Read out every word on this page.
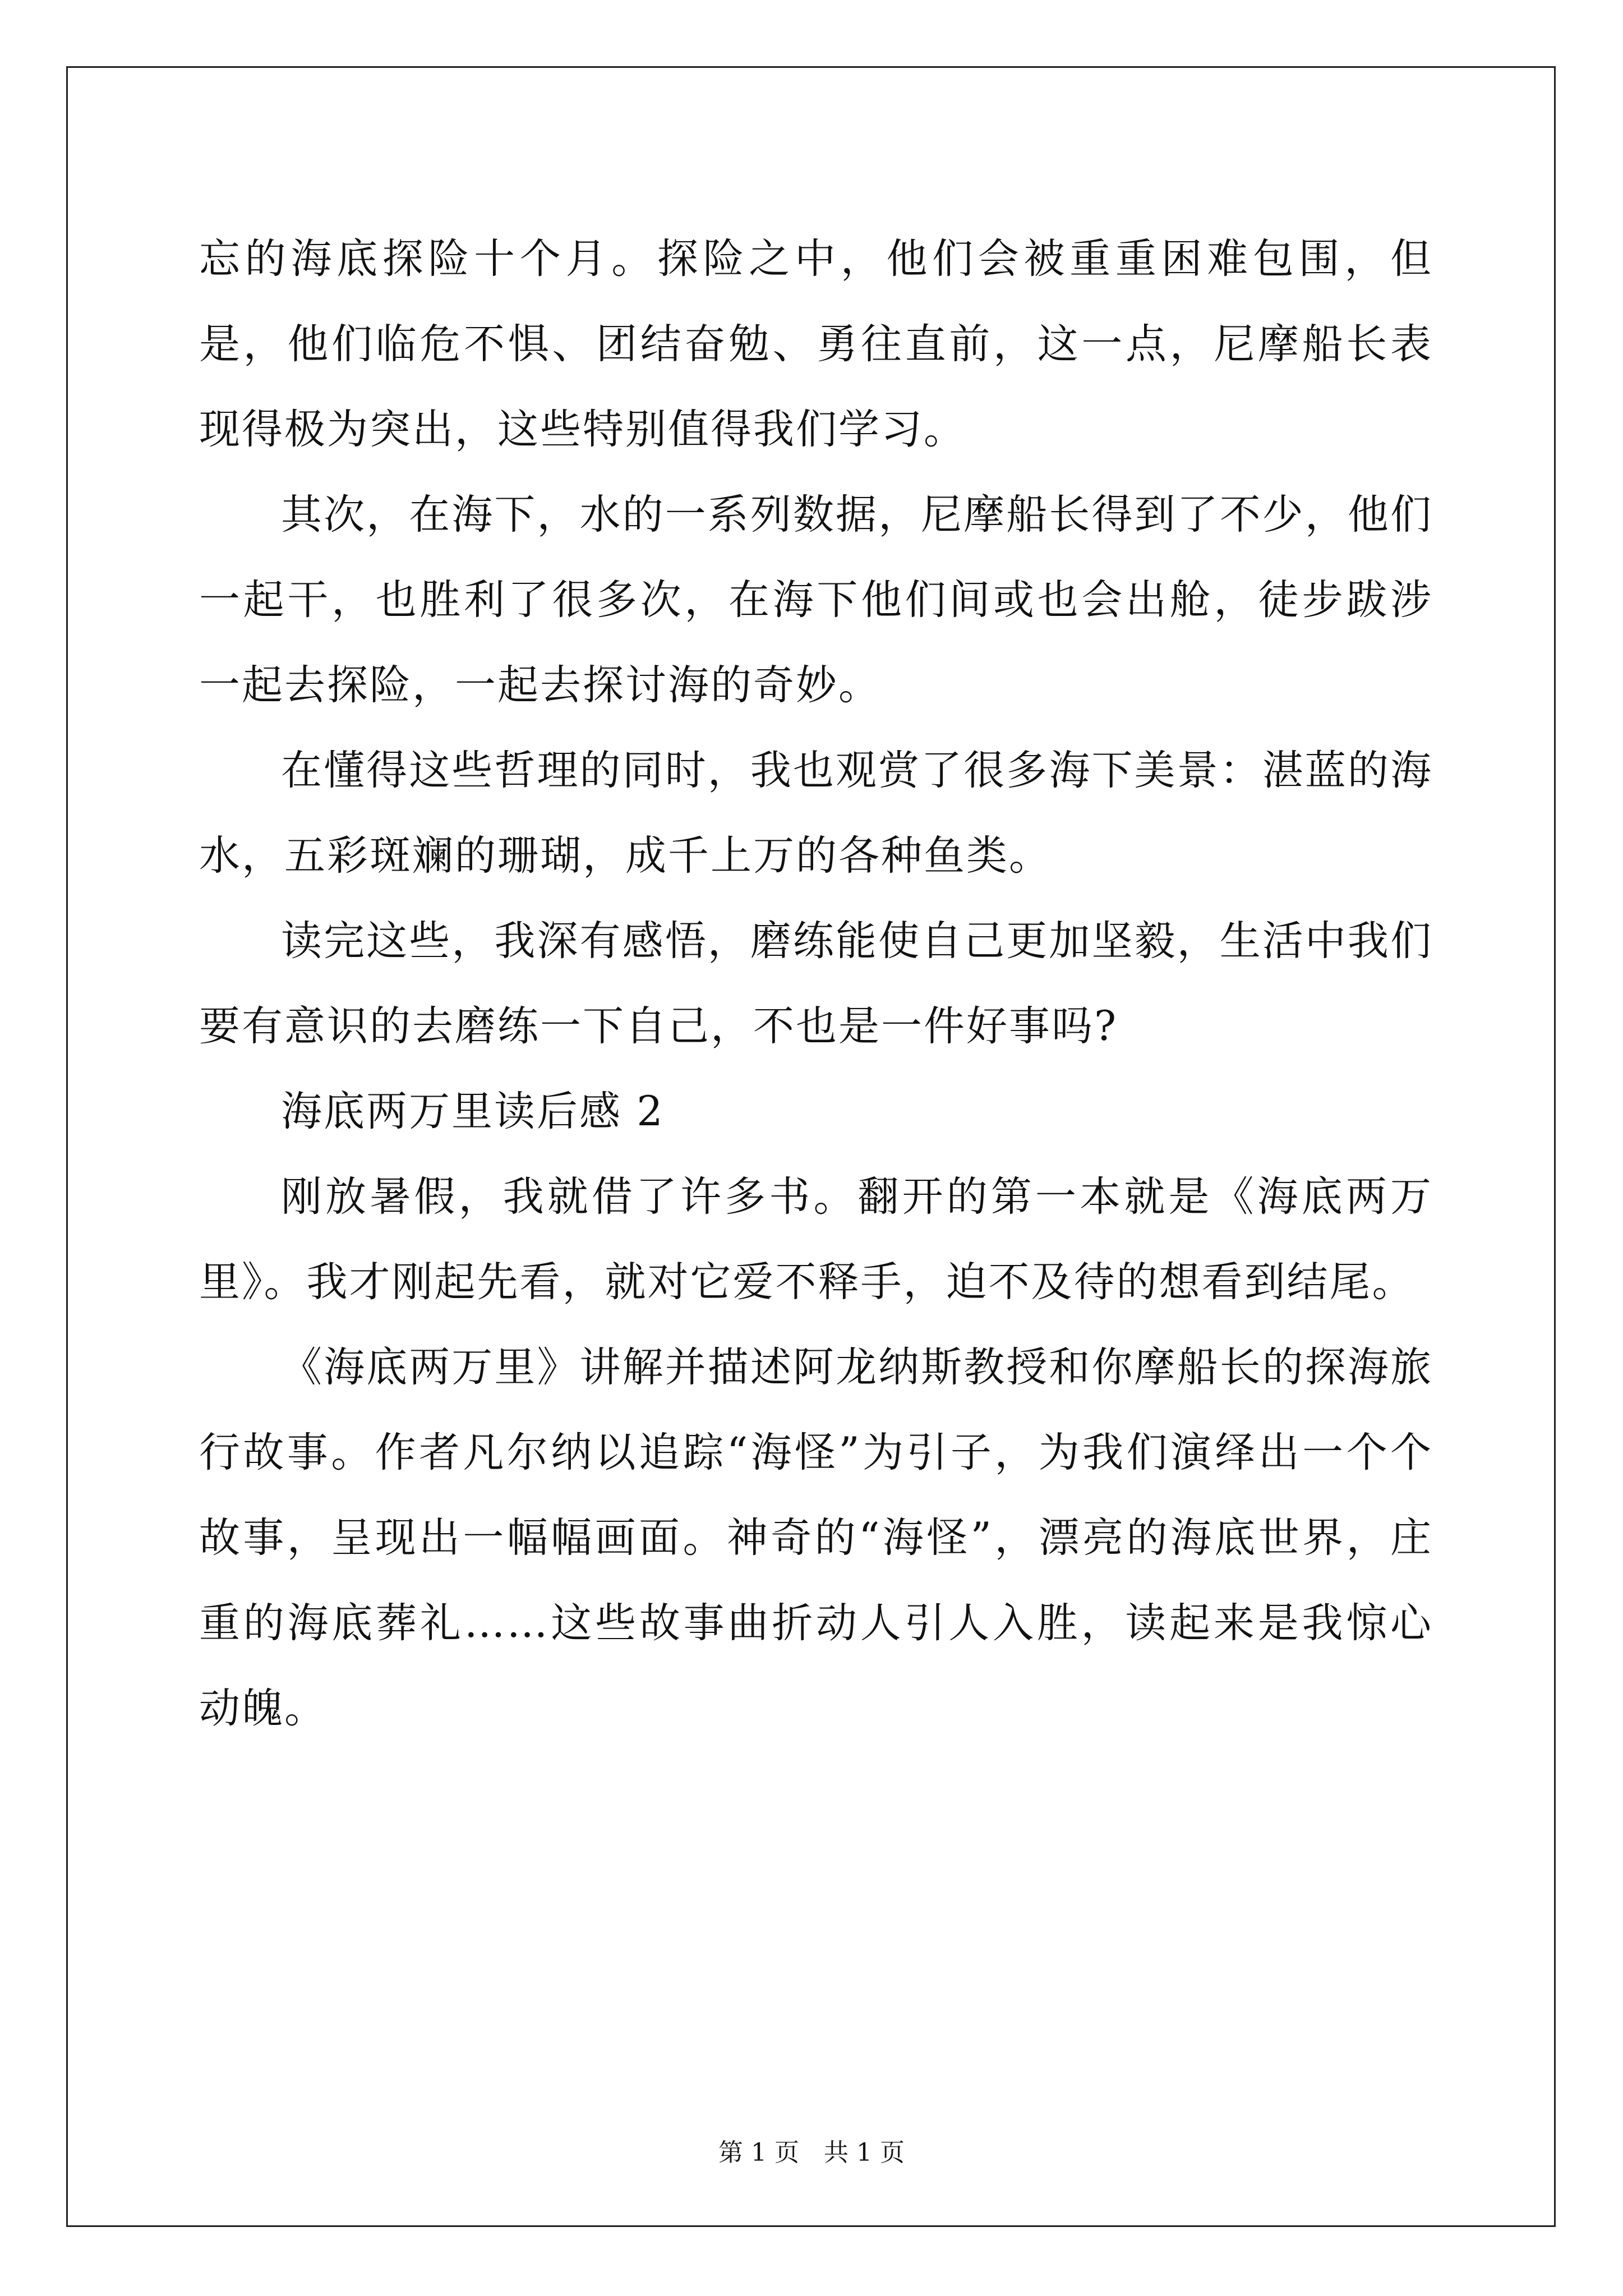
忘的海底探险十个月。探险之中，他们会被重重困难包围，但是，他们临危不惧、团结奋勉、勇往直前，这一点，尼摩船长表现得极为突出，这些特别值得我们学习。

其次，在海下，水的一系列数据，尼摩船长得到了不少，他们一起干，也胜利了很多次，在海下他们间或也会出舱，徒步跋涉一起去探险，一起去探讨海的奇妙。

在懂得这些哲理的同时，我也观赏了很多海下美景：湛蓝的海水，五彩斑斓的珊瑚，成千上万的各种鱼类。

读完这些，我深有感悟，磨练能使自己更加坚毅，生活中我们要有意识的去磨练一下自己，不也是一件好事吗?

海底两万里读后感 2

刚放暑假，我就借了许多书。翻开的第一本就是《海底两万里》。我才刚起先看，就对它爱不释手，迫不及待的想看到结尾。

《海底两万里》讲解并描述阿龙纳斯教授和你摩船长的探海旅行故事。作者凡尔纳以追踪“海怪”为引子，为我们演绎出一个个故事，呈现出一幅幅画面。神奇的“海怪”，漂亮的海底世界，庄重的海底葬礼……这些故事曲折动人引人入胜，读起来是我惊心动魄。

第 1 页 共 1 页
